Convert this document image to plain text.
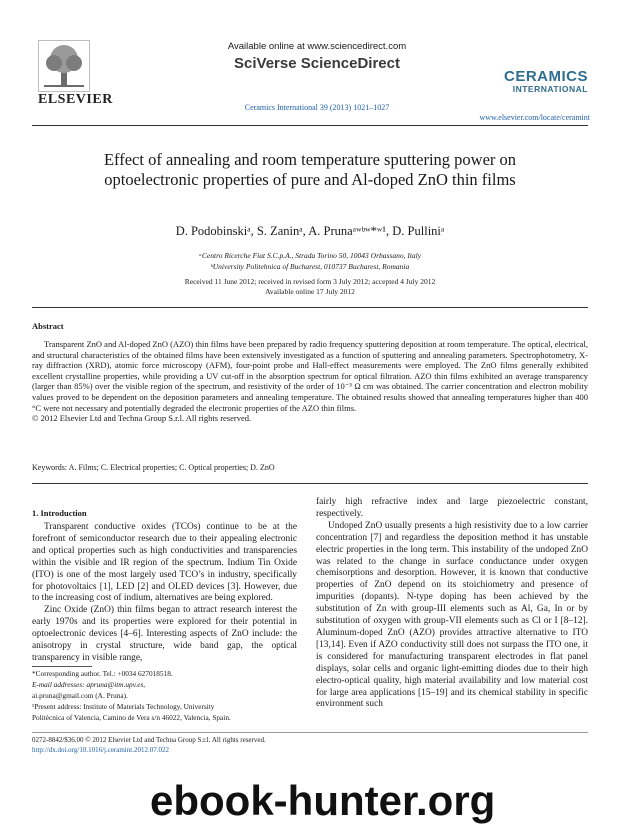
ELSEVIER
Available online at www.sciencedirect.com
SciVerse ScienceDirect
Ceramics International 39 (2013) 1021–1027
CERAMICS
INTERNATIONAL
www.elsevier.com/locate/ceramint
Effect of annealing and room temperature sputtering power on optoelectronic properties of pure and Al-doped ZnO thin films
D. Podobinskiᵃ, S. Zaninᵃ, A. Prunaᵃʷᵇʷ*ʷ¹, D. Pulliniᵃ
ᵃCentro Ricerche Fiat S.C.p.A., Strada Torino 50, 10043 Orbassano, Italy
ᵇUniversity Politehnica of Bucharest, 010737 Bucharest, Romania
Received 11 June 2012; received in revised form 3 July 2012; accepted 4 July 2012
Available online 17 July 2012
Abstract
Transparent ZnO and Al-doped ZnO (AZO) thin films have been prepared by radio frequency sputtering deposition at room temperature. The optical, electrical, and structural characteristics of the obtained films have been extensively investigated as a function of sputtering and annealing parameters. Spectrophotometry, X-ray diffraction (XRD), atomic force microscopy (AFM), four-point probe and Hall-effect measurements were employed. The ZnO films generally exhibited excellent crystalline properties, while providing a UV cut-off in the absorption spectrum for optical filtration. AZO thin films exhibited an average transparency (larger than 85%) over the visible region of the spectrum, and resistivity of the order of 10⁻³ Ω cm was obtained. The carrier concentration and electron mobility values proved to be dependent on the deposition parameters and annealing temperature. The obtained results showed that annealing temperatures higher than 400 °C were not necessary and potentially degraded the electronic properties of the AZO thin films.
© 2012 Elsevier Ltd and Techna Group S.r.l. All rights reserved.
Keywords: A. Films; C. Electrical properties; C. Optical properties; D. ZnO
1. Introduction

Transparent conductive oxides (TCOs) continue to be at the forefront of semiconductor research due to their appealing electronic and optical properties such as high conductivities and transparencies within the visible and IR region of the spectrum. Indium Tin Oxide (ITO) is one of the most largely used TCO’s in industry, specifically for photovoltaics [1], LED [2] and OLED devices [3]. However, due to the increasing cost of indium, alternatives are being explored.

Zinc Oxide (ZnO) thin films began to attract research interest the early 1970s and its properties were explored for their potential in optoelectronic devices [4–6]. Interesting aspects of ZnO include: the anisotropy in crystal structure, wide band gap, the optical transparency in visible range,

fairly high refractive index and large piezoelectric constant, respectively.

Undoped ZnO usually presents a high resistivity due to a low carrier concentration [7] and regardless the deposition method it has unstable electric properties in the long term. This instability of the undoped ZnO was related to the change in surface conductance under oxygen chemisorptions and desorption. However, it is known that conductive properties of ZnO depend on its stoichiometry and presence of impurities (dopants). N-type doping has been achieved by the substitution of Zn with group-III elements such as Al, Ga, In or by substitution of oxygen with group-VII elements such as Cl or I [8–12]. Aluminum-doped ZnO (AZO) provides attractive alternative to ITO [13,14]. Even if AZO conductivity still does not surpass the ITO one, it is considered for manufacturing transparent electrodes in flat panel displays, solar cells and organic light-emitting diodes due to their high electro-optical quality, high material availability and low material cost for large area applications [15–19] and its chemical stability in specific environment such

*Corresponding author. Tel.: +0034 627018518.
E-mail addresses: apruna@itm.upv.es,
ai.pruna@gmail.com (A. Pruna).
¹Present address: Institute of Materials Technology, University
Politècnica of Valencia, Camino de Vera s/n 46022, Valencia, Spain.
0272-8842/$36.00 © 2012 Elsevier Ltd and Techna Group S.r.l. All rights reserved.
http://dx.doi.org/10.1016/j.ceramint.2012.07.022
ebook-hunter.org
